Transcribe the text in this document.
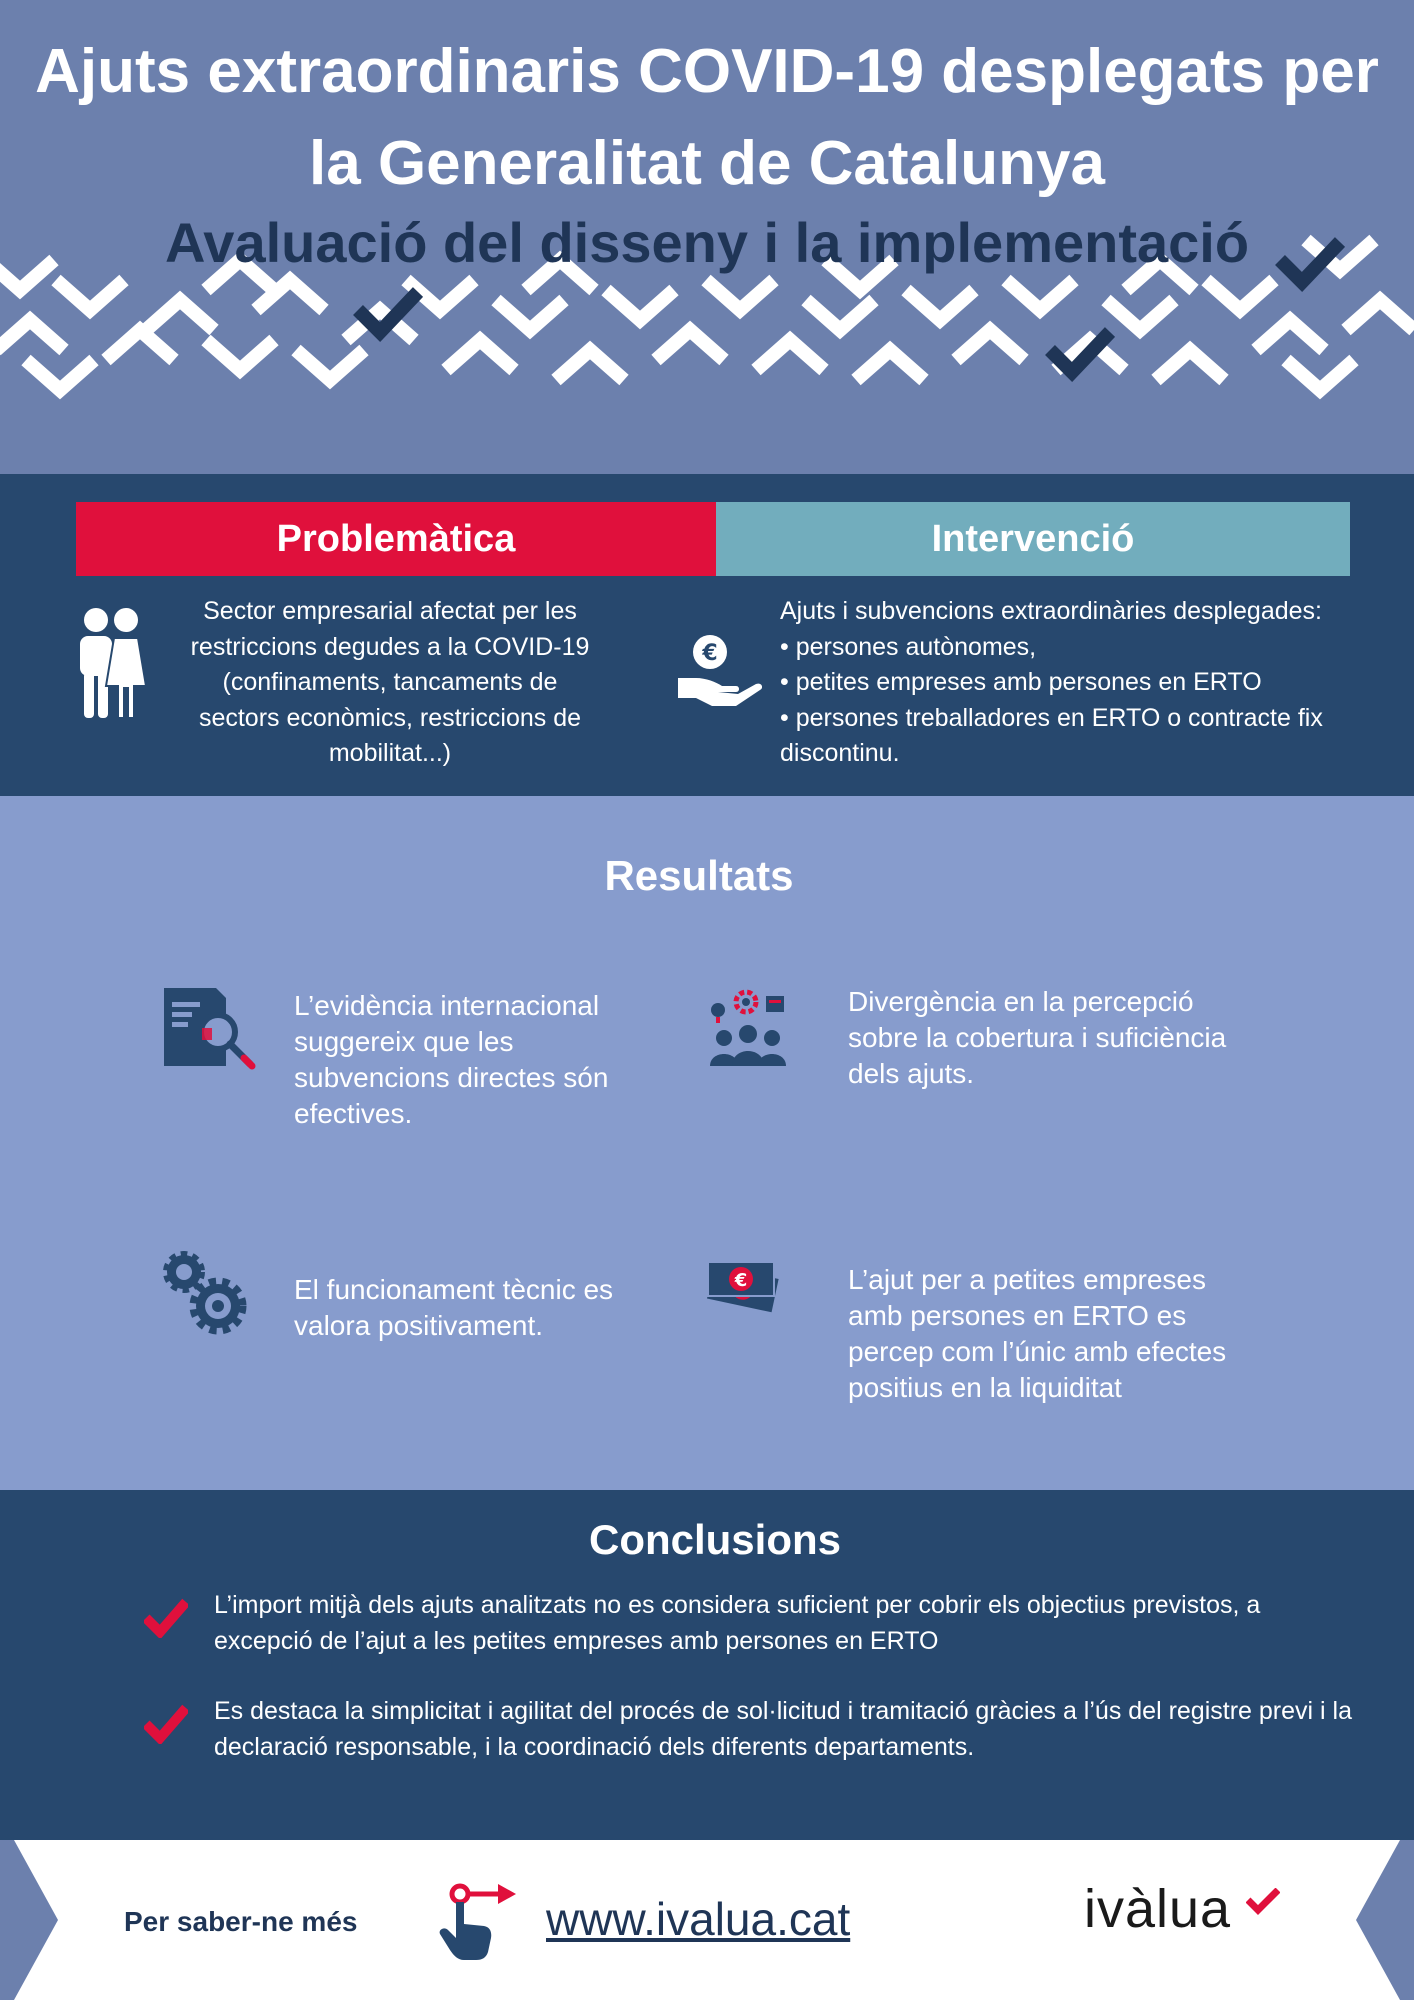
Ajuts extraordinaris COVID-19 desplegats per
la Generalitat de Catalunya
Avaluació del disseny i la implementació
Problemàtica	Intervenció
Sector empresarial afectat per les restriccions degudes a la COVID-19 (confinaments, tancaments de sectors econòmics, restriccions de mobilitat...)
€
Ajuts i subvencions extraordinàries desplegades:
• persones autònomes,
• petites empreses amb persones en ERTO
• persones treballadores en ERTO o contracte fix discontinu.
Resultats
L’evidència internacional suggereix que les subvencions directes són efectives.
Divergència en la percepció sobre la cobertura i suficiència dels ajuts.
El funcionament tècnic es valora positivament.
€	L’ajut per a petites empreses amb persones en ERTO es percep com l’únic amb efectes positius en la liquiditat
Conclusions
L’import mitjà dels ajuts analitzats no es considera suficient per cobrir els objectius previstos, a excepció de l’ajut a les petites empreses amb persones en ERTO
Es destaca la simplicitat i agilitat del procés de sol·licitud i tramitació gràcies a l’ús del registre previ i la declaració responsable, i la coordinació dels diferents departaments.
Per saber-ne més	www.ivalua.cat	ivàlua
